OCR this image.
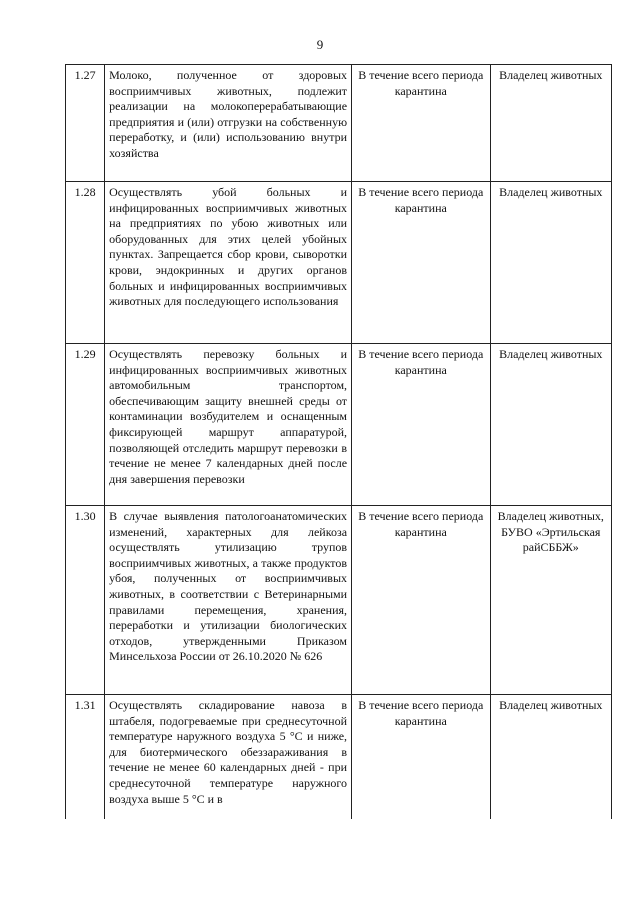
9
1.27	Молоко, полученное от здоровых восприимчивых животных, подлежит реализации на молокоперерабатывающие предприятия и (или) отгрузки на собственную переработку, и (или) использованию внутри хозяйства	В течение всего периода карантина	Владелец животных
1.28	Осуществлять убой больных и инфицированных восприимчивых животных на предприятиях по убою животных или оборудованных для этих целей убойных пунктах. Запрещается сбор крови, сыворотки крови, эндокринных и других органов больных и инфицированных восприимчивых животных для последующего использования	В течение всего периода карантина	Владелец животных
1.29	Осуществлять перевозку больных и инфицированных восприимчивых животных автомобильным транспортом, обеспечивающим защиту внешней среды от контаминации возбудителем и оснащенным фиксирующей маршрут аппаратурой, позволяющей отследить маршрут перевозки в течение не менее 7 календарных дней после дня завершения перевозки	В течение всего периода карантина	Владелец животных
1.30	В случае выявления патологоанатомических изменений, характерных для лейкоза осуществлять утилизацию трупов восприимчивых животных, а также продуктов убоя, полученных от восприимчивых животных, в соответствии с Ветеринарными правилами перемещения, хранения, переработки и утилизации биологических отходов, утвержденными Приказом Минсельхоза России от 26.10.2020 № 626	В течение всего периода карантина	Владелец животных, БУВО «Эртильская райСББЖ»
1.31	Осуществлять складирование навоза в штабеля, подогреваемые при среднесуточной температуре наружного воздуха 5 °С и ниже, для биотермического обеззараживания в течение не менее 60 календарных дней - при среднесуточной температуре наружного воздуха выше 5 °С и в	В течение всего периода карантина	Владелец животных
